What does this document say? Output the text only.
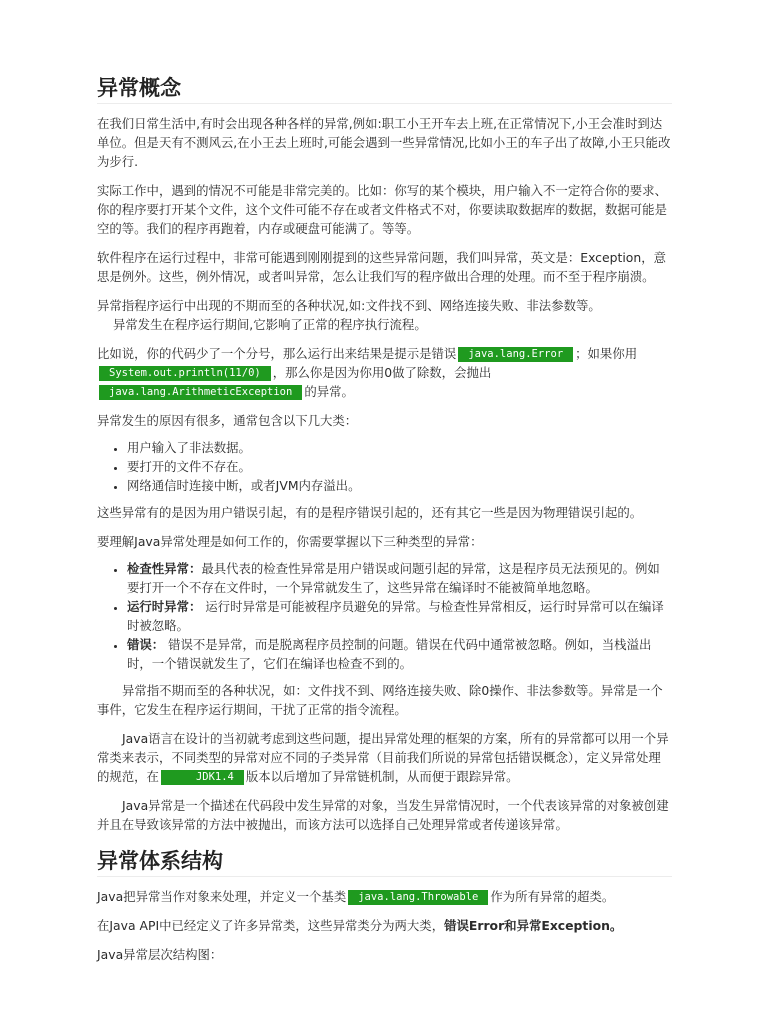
异常概念

在我们日常生活中,有时会出现各种各样的异常,例如:职工小王开车去上班,在正常情况下,小王会准时到达单位。但是天有不测风云,在小王去上班时,可能会遇到一些异常情况,比如小王的车子出了故障,小王只能改为步行.

实际工作中，遇到的情况不可能是非常完美的。比如：你写的某个模块，用户输入不一定符合你的要求、你的程序要打开某个文件，这个文件可能不存在或者文件格式不对，你要读取数据库的数据，数据可能是空的等。我们的程序再跑着，内存或硬盘可能满了。等等。

软件程序在运行过程中，非常可能遇到刚刚提到的这些异常问题，我们叫异常，英文是：Exception，意思是例外。这些，例外情况，或者叫异常，怎么让我们写的程序做出合理的处理。而不至于程序崩溃。

异常指程序运行中出现的不期而至的各种状况,如:文件找不到、网络连接失败、非法参数等。
异常发生在程序运行期间,它影响了正常的程序执行流程。

比如说，你的代码少了一个分号，那么运行出来结果是提示是错误 java.lang.Error ；如果你用System.out.println(11/0) ，那么你是因为你用0做了除数，会抛出java.lang.ArithmeticException 的异常。

异常发生的原因有很多，通常包含以下几大类：

• 用户输入了非法数据。
• 要打开的文件不存在。
• 网络通信时连接中断，或者JVM内存溢出。

这些异常有的是因为用户错误引起，有的是程序错误引起的，还有其它一些是因为物理错误引起的。

要理解Java异常处理是如何工作的，你需要掌握以下三种类型的异常：

• 检查性异常：最具代表的检查性异常是用户错误或问题引起的异常，这是程序员无法预见的。例如要打开一个不存在文件时，一个异常就发生了，这些异常在编译时不能被简单地忽略。
• 运行时异常： 运行时异常是可能被程序员避免的异常。与检查性异常相反，运行时异常可以在编译时被忽略。
• 错误： 错误不是异常，而是脱离程序员控制的问题。错误在代码中通常被忽略。例如，当栈溢出时，一个错误就发生了，它们在编译也检查不到的。

异常指不期而至的各种状况，如：文件找不到、网络连接失败、除0操作、非法参数等。异常是一个事件，它发生在程序运行期间，干扰了正常的指令流程。

Java语言在设计的当初就考虑到这些问题，提出异常处理的框架的方案，所有的异常都可以用一个异常类来表示，不同类型的异常对应不同的子类异常（目前我们所说的异常包括错误概念），定义异常处理的规范，在	JDK1.4 版本以后增加了异常链机制，从而便于跟踪异常。

Java异常是一个描述在代码段中发生异常的对象，当发生异常情况时，一个代表该异常的对象被创建并且在导致该异常的方法中被抛出，而该方法可以选择自己处理异常或者传递该异常。

异常体系结构

Java把异常当作对象来处理，并定义一个基类 java.lang.Throwable 作为所有异常的超类。

在Java API中已经定义了许多异常类，这些异常类分为两大类，错误Error和异常Exception。

Java异常层次结构图：
